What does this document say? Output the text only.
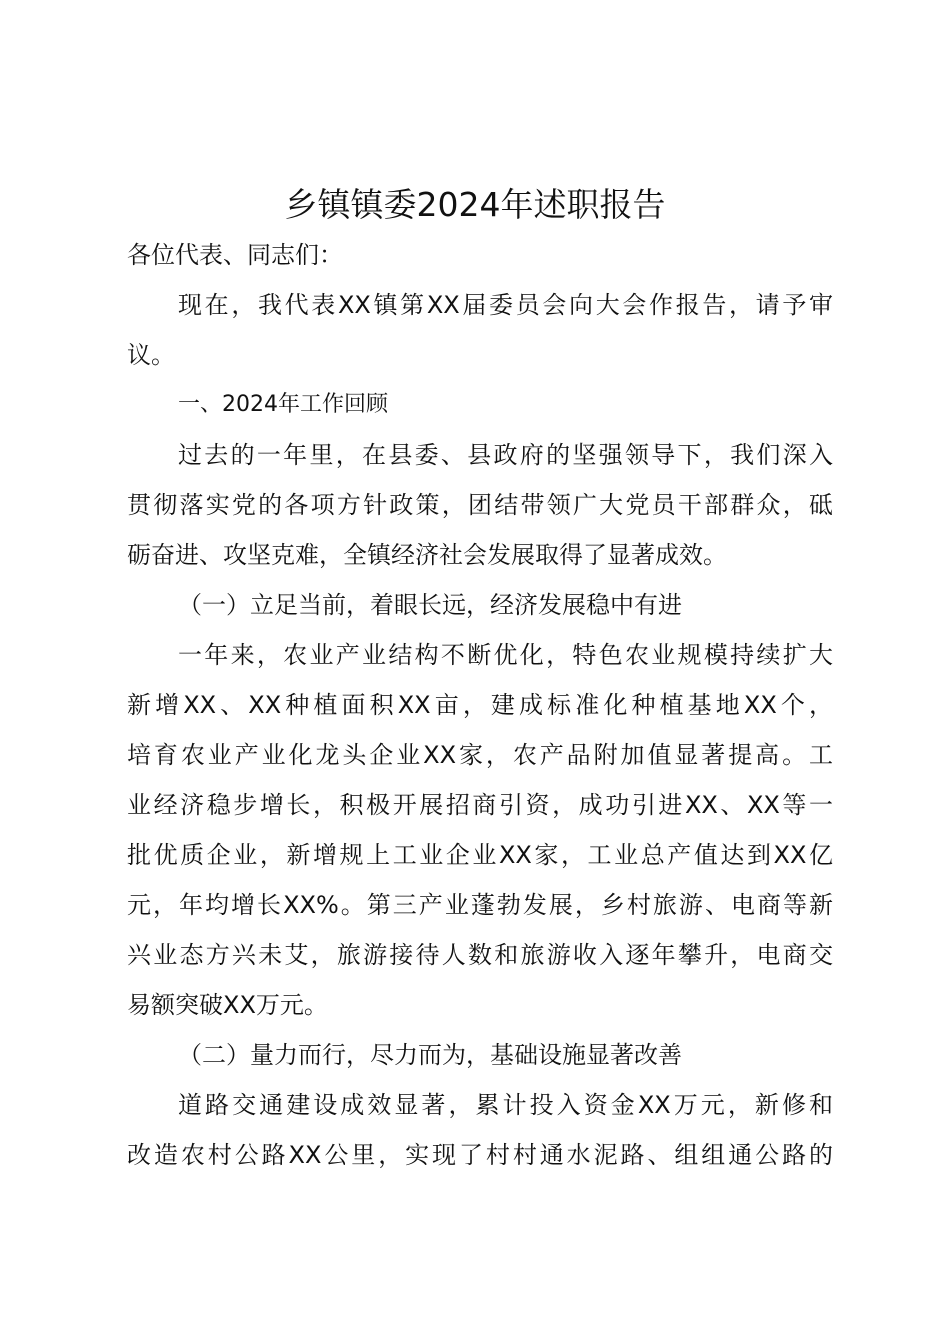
乡镇镇委2024年述职报告
各位代表、同志们：
现在，我代表XX镇第XX届委员会向大会作报告，请予审
议。
一、2024年工作回顾
过去的一年里，在县委、县政府的坚强领导下，我们深入
贯彻落实党的各项方针政策，团结带领广大党员干部群众，砥
砺奋进、攻坚克难，全镇经济社会发展取得了显著成效。
（一）立足当前，着眼长远，经济发展稳中有进
一年来，农业产业结构不断优化，特色农业规模持续扩大
新增XX、XX种植面积XX亩，建成标准化种植基地XX个，
培育农业产业化龙头企业XX家，农产品附加值显著提高。工
业经济稳步增长，积极开展招商引资，成功引进XX、XX等一
批优质企业，新增规上工业企业XX家，工业总产值达到XX亿
元，年均增长XX%。第三产业蓬勃发展，乡村旅游、电商等新
兴业态方兴未艾，旅游接待人数和旅游收入逐年攀升，电商交
易额突破XX万元。
（二）量力而行，尽力而为，基础设施显著改善
道路交通建设成效显著，累计投入资金XX万元，新修和
改造农村公路XX公里，实现了村村通水泥路、组组通公路的
